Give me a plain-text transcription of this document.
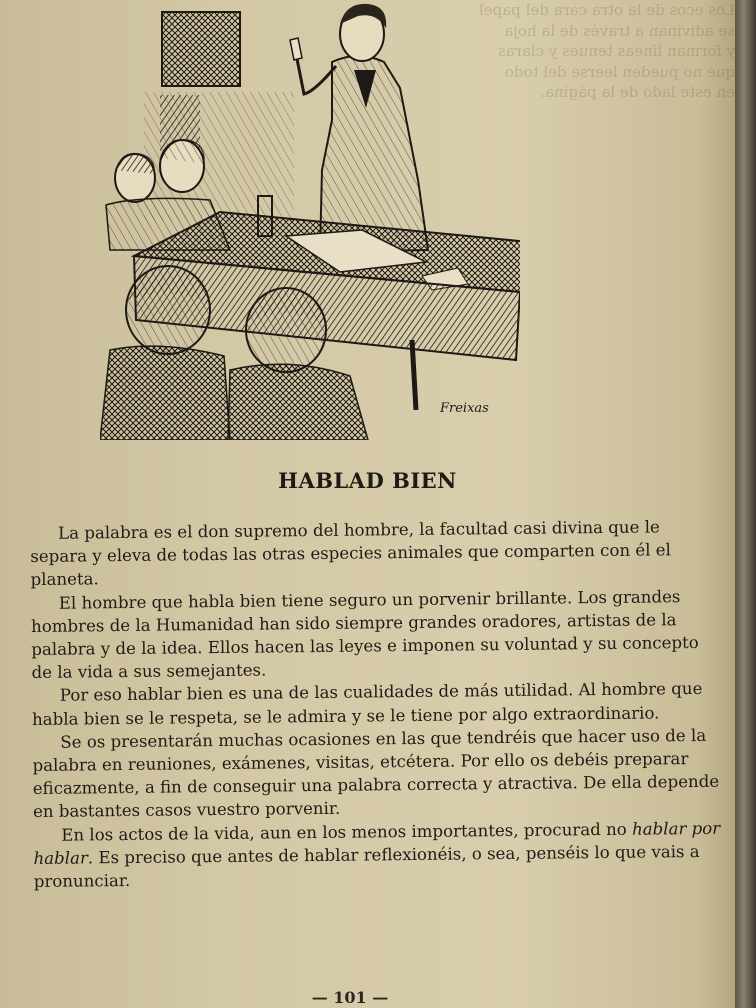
Los ecos de la otra cara del papel
se adivinan a través de la hoja
y forman líneas tenues y claras
que no pueden leerse del todo
en este lado de la página.
Freixas
HABLAD BIEN

La palabra es el don supremo del hombre, la facultad casi divina que le separa y eleva de todas las otras especies animales que comparten con él el planeta.

El hombre que habla bien tiene seguro un porvenir brillante. Los grandes hombres de la Humanidad han sido siempre grandes oradores, artistas de la palabra y de la idea. Ellos hacen las leyes e imponen su voluntad y su concepto de la vida a sus semejantes.

Por eso hablar bien es una de las cualidades de más utilidad. Al hombre que habla bien se le respeta, se le admira y se le tiene por algo extraordinario.

Se os presentarán muchas ocasiones en las que tendréis que hacer uso de la palabra en reuniones, exámenes, visitas, etcétera. Por ello os debéis preparar eficazmente, a fin de conseguir una palabra correcta y atractiva. De ella depende en bastantes casos vuestro porvenir.

En los actos de la vida, aun en los menos importantes, procurad no hablar por hablar. Es preciso que antes de hablar reflexionéis, o sea, penséis lo que vais a pronunciar.

— 101 —
